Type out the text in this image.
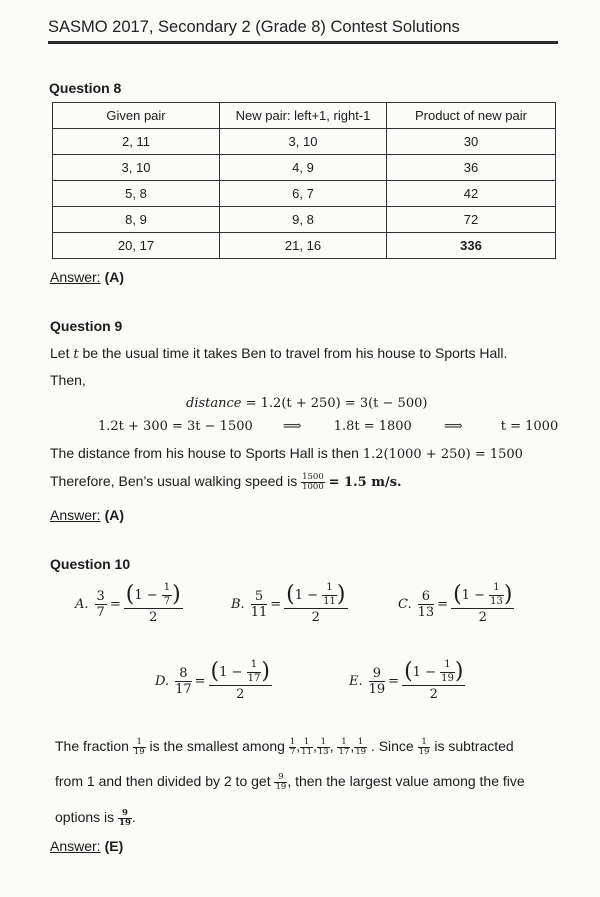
SASMO 2017, Secondary 2 (Grade 8) Contest Solutions
Question 8
Given pair	New pair: left+1, right-1	Product of new pair
2, 11	3, 10	30
3, 10	4, 9	36
5, 8	6, 7	42
8, 9	9, 8	72
20, 17	21, 16	336
Answer: (A)
Question 9
Let t be the usual time it takes Ben to travel from his house to Sports Hall.
Then,
distance = 1.2(t + 250) = 3(t − 500)
1.2t + 300 = 3t − 1500 ⟹ 1.8t = 1800 ⟹	t = 1000
The distance from his house to Sports Hall is then 1.2(1000 + 250) = 1500
Therefore, Ben’s usual walking speed is $\frac{1500}{1000} = 1.5$ m/s.
Answer: (A)
Question 10
A. $\frac{3}{7}$ = ( 1 −
$\frac{1}{7}$ )
2	B. $\frac{5}{11}$ = ( 1 −
$\frac{1}{11}$ )
2	C. $\frac{6}{13}$ = ( 1 −
$\frac{1}{13}$ )
2
D. $\frac{8}{17}$ = ( 1 −
$\frac{1}{17}$ )
2	E. $\frac{9}{19}$ = ( 1 −
$\frac{1}{19}$ )
2
The fraction $\frac{1}{19}$ is the smallest among $\frac{1}{7}$ , $\frac{1}{11}$ , $\frac{1}{13}$ , $\frac{1}{17}$ , $\frac{1}{19}$ . Since $\frac{1}{19}$ is subtracted
from 1 and then divided by 2 to get $\frac{9}{19}$ , then the largest value among the five
options is $\frac{9}{19}$ .
Answer: (E)
